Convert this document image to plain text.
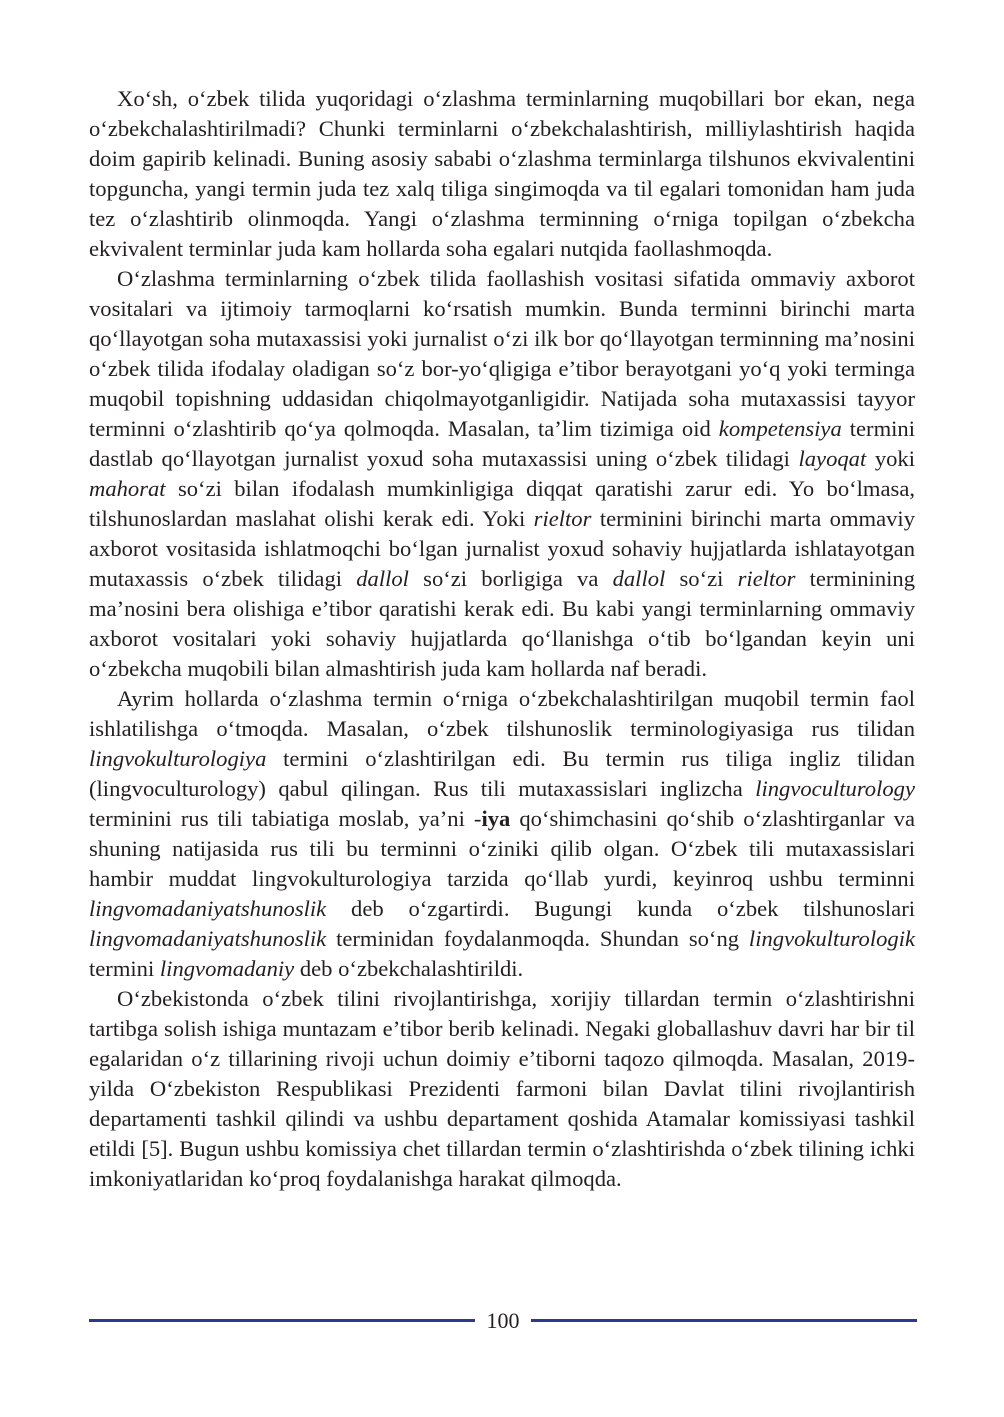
Xo‘sh, o‘zbek tilida yuqoridagi o‘zlashma terminlarning muqobillari bor ekan, nega o‘zbekchalashtirilmadi? Chunki terminlarni o‘zbekchalashtirish, milliylashtirish haqida doim gapirib kelinadi. Buning asosiy sababi o‘zlashma terminlarga tilshunos ekvivalentini topguncha, yangi termin juda tez xalq tiliga singimoqda va til egalari tomonidan ham juda tez o‘zlashtirib olinmoqda. Yangi o‘zlashma terminning o‘rniga topilgan o‘zbekcha ekvivalent terminlar juda kam hollarda soha egalari nutqida faollashmoqda.

O‘zlashma terminlarning o‘zbek tilida faollashish vositasi sifatida ommaviy axborot vositalari va ijtimoiy tarmoqlarni ko‘rsatish mumkin. Bunda terminni birinchi marta qo‘llayotgan soha mutaxassisi yoki jurnalist o‘zi ilk bor qo‘llayotgan terminning ma’nosini o‘zbek tilida ifodalay oladigan so‘z bor-yo‘qligiga e’tibor berayotgani yo‘q yoki terminga muqobil topishning uddasidan chiqolmayotganligidir. Natijada soha mutaxassisi tayyor terminni o‘zlashtirib qo‘ya qolmoqda. Masalan, ta’lim tizimiga oid kompetensiya termini dastlab qo‘llayotgan jurnalist yoxud soha mutaxassisi uning o‘zbek tilidagi layoqat yoki mahorat so‘zi bilan ifodalash mumkinligiga diqqat qaratishi zarur edi. Yo bo‘lmasa, tilshunoslardan maslahat olishi kerak edi. Yoki rieltor terminini birinchi marta ommaviy axborot vositasida ishlatmoqchi bo‘lgan jurnalist yoxud sohaviy hujjatlarda ishlatayotgan mutaxassis o‘zbek tilidagi dallol so‘zi borligiga va dallol so‘zi rieltor terminining ma’nosini bera olishiga e’tibor qaratishi kerak edi. Bu kabi yangi terminlarning ommaviy axborot vositalari yoki sohaviy hujjatlarda qo‘llanishga o‘tib bo‘lgandan keyin uni o‘zbekcha muqobili bilan almashtirish juda kam hollarda naf beradi.

Ayrim hollarda o‘zlashma termin o‘rniga o‘zbekchalashtirilgan muqobil termin faol ishlatilishga o‘tmoqda. Masalan, o‘zbek tilshunoslik terminologiyasiga rus tilidan lingvokulturologiya termini o‘zlashtirilgan edi. Bu termin rus tiliga ingliz tilidan (lingvoculturology) qabul qilingan. Rus tili mutaxassislari inglizcha lingvoculturology terminini rus tili tabiatiga moslab, ya’ni -iya qo‘shimchasini qo‘shib o‘zlashtirganlar va shuning natijasida rus tili bu terminni o‘ziniki qilib olgan. O‘zbek tili mutaxassislari hambir muddat lingvokulturologiya tarzida qo‘llab yurdi, keyinroq ushbu terminni lingvomadaniyatshunoslik deb o‘zgartirdi. Bugungi kunda o‘zbek tilshunoslari lingvomadaniyatshunoslik terminidan foydalanmoqda. Shundan so‘ng lingvokulturologik termini lingvomadaniy deb o‘zbekchalashtirildi.

O‘zbekistonda o‘zbek tilini rivojlantirishga, xorijiy tillardan termin o‘zlashtirishni tartibga solish ishiga muntazam e’tibor berib kelinadi. Negaki globallashuv davri har bir til egalaridan o‘z tillarining rivoji uchun doimiy e’tiborni taqozo qilmoqda. Masalan, 2019-yilda O‘zbekiston Respublikasi Prezidenti farmoni bilan Davlat tilini rivojlantirish departamenti tashkil qilindi va ushbu departament qoshida Atamalar komissiyasi tashkil etildi [5]. Bugun ushbu komissiya chet tillardan termin o‘zlashtirishda o‘zbek tilining ichki imkoniyatlaridan ko‘proq foydalanishga harakat qilmoqda.

100
